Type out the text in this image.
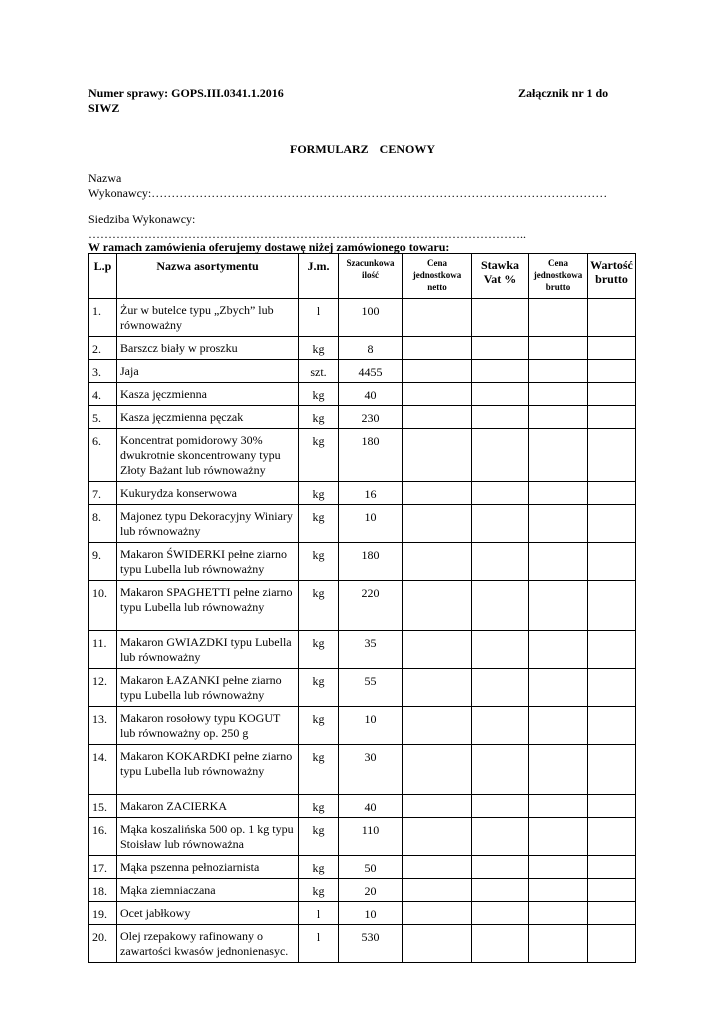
Numer sprawy: GOPS.III.0341.1.2016
SIWZ
Załącznik nr 1 do
FORMULARZ CENOWY
Nazwa
Wykonawcy:……………………………………………………………………………………………………
Siedziba Wykonawcy:
………………………………………………………………………………………………..
W ramach zamówienia oferujemy dostawę niżej zamówionego towaru:
L.p	Nazwa asortymentu	J.m.	Szacunkowa ilość	Cena jednostkowa netto	Stawka Vat %	Cena jednostkowa brutto	Wartość brutto
1.	Żur w butelce typu „Zbych” lub równoważny	l	100				
2.	Barszcz biały w proszku	kg	8				
3.	Jaja	szt.	4455				
4.	Kasza jęczmienna	kg	40				
5.	Kasza jęczmienna pęczak	kg	230				
6.	Koncentrat pomidorowy 30% dwukrotnie skoncentrowany typu Złoty Bażant lub równoważny	kg	180				
7.	Kukurydza konserwowa	kg	16				
8.	Majonez typu Dekoracyjny Winiary lub równoważny	kg	10				
9.	Makaron ŚWIDERKI pełne ziarno typu Lubella lub równoważny	kg	180				
10.	Makaron SPAGHETTI pełne ziarno typu Lubella lub równoważny	kg	220				
11.	Makaron GWIAZDKI typu Lubella lub równoważny	kg	35				
12.	Makaron ŁAZANKI pełne ziarno typu Lubella lub równoważny	kg	55				
13.	Makaron rosołowy typu KOGUT lub równoważny op. 250 g	kg	10				
14.	Makaron KOKARDKI pełne ziarno typu Lubella lub równoważny	kg	30				
15.	Makaron ZACIERKA	kg	40				
16.	Mąka koszalińska 500 op. 1 kg typu Stoisław lub równoważna	kg	110				
17.	Mąka pszenna pełnoziarnista	kg	50				
18.	Mąka ziemniaczana	kg	20				
19.	Ocet jabłkowy	l	10				
20.	Olej rzepakowy rafinowany o zawartości kwasów jednonienasyc.	l	530				
